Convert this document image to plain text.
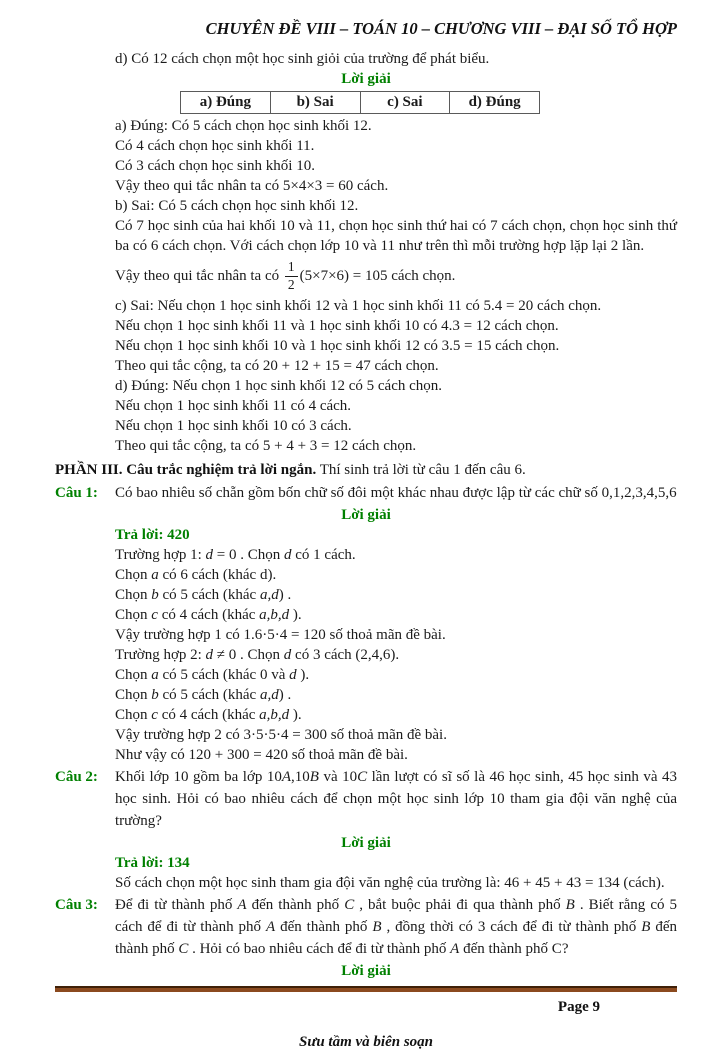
CHUYÊN ĐỀ VIII – TOÁN 10 – CHƯƠNG VIII – ĐẠI SỐ TỔ HỢP
d) Có 12 cách chọn một học sinh giỏi của trường để phát biểu.
Lời giải
a) Đúng	b) Sai	c) Sai	d) Đúng
a) Đúng: Có 5 cách chọn học sinh khối 12.
Có 4 cách chọn học sinh khối 11.
Có 3 cách chọn học sinh khối 10.
Vậy theo qui tắc nhân ta có 5×4×3 = 60 cách.
b) Sai: Có 5 cách chọn học sinh khối 12.
Có 7 học sinh của hai khối 10 và 11, chọn học sinh thứ hai có 7 cách chọn, chọn học sinh thứ ba có 6 cách chọn. Với cách chọn lớp 10 và 11 như trên thì mỗi trường hợp lặp lại 2 lần.
Vậy theo qui tắc nhân ta có $\frac{1}{2} (5\times 7\times 6) = 105$ cách chọn.
c) Sai: Nếu chọn 1 học sinh khối 12 và 1 học sinh khối 11 có 5.4 = 20 cách chọn.
Nếu chọn 1 học sinh khối 11 và 1 học sinh khối 10 có 4.3 = 12 cách chọn.
Nếu chọn 1 học sinh khối 10 và 1 học sinh khối 12 có 3.5 = 15 cách chọn.
Theo qui tắc cộng, ta có 20 + 12 + 15 = 47 cách chọn.
d) Đúng: Nếu chọn 1 học sinh khối 12 có 5 cách chọn.
Nếu chọn 1 học sinh khối 11 có 4 cách.
Nếu chọn 1 học sinh khối 10 có 3 cách.
Theo qui tắc cộng, ta có 5 + 4 + 3 = 12 cách chọn.
PHẦN III. Câu trắc nghiệm trả lời ngắn. Thí sinh trả lời từ câu 1 đến câu 6.
Câu 1:	Có bao nhiêu số chẵn gồm bốn chữ số đôi một khác nhau được lập từ các chữ số 0,1,2,3,4,5,6
Lời giải
Trả lời: 420
Trường hợp 1: d = 0 . Chọn d có 1 cách.
Chọn a có 6 cách (khác d).
Chọn b có 5 cách (khác a,d) .
Chọn c có 4 cách (khác a,b,d ).
Vậy trường hợp 1 có 1.6·5·4 = 120 số thoả mãn đề bài.
Trường hợp 2: d ≠ 0 . Chọn d có 3 cách (2,4,6).
Chọn a có 5 cách (khác 0 và d ).
Chọn b có 5 cách (khác a,d) .
Chọn c có 4 cách (khác a,b,d ).
Vậy trường hợp 2 có 3·5·5·4 = 300 số thoả mãn đề bài.
Như vậy có 120 + 300 = 420 số thoả mãn đề bài.
Câu 2:	Khối lớp 10 gồm ba lớp 10A,10B và 10C lần lượt có sĩ số là 46 học sinh, 45 học sinh và 43 học sinh. Hỏi có bao nhiêu cách để chọn một học sinh lớp 10 tham gia đội văn nghệ của trường?
Lời giải
Trả lời: 134
Số cách chọn một học sinh tham gia đội văn nghệ của trường là: 46 + 45 + 43 = 134 (cách).
Câu 3:	Để đi từ thành phố A đến thành phố C , bắt buộc phải đi qua thành phố B . Biết rằng có 5 cách để đi từ thành phố A đến thành phố B , đồng thời có 3 cách để đi từ thành phố B đến thành phố C . Hỏi có bao nhiêu cách để đi từ thành phố A đến thành phố C?
Lời giải
Page 9
Sưu tầm và biên soạn
